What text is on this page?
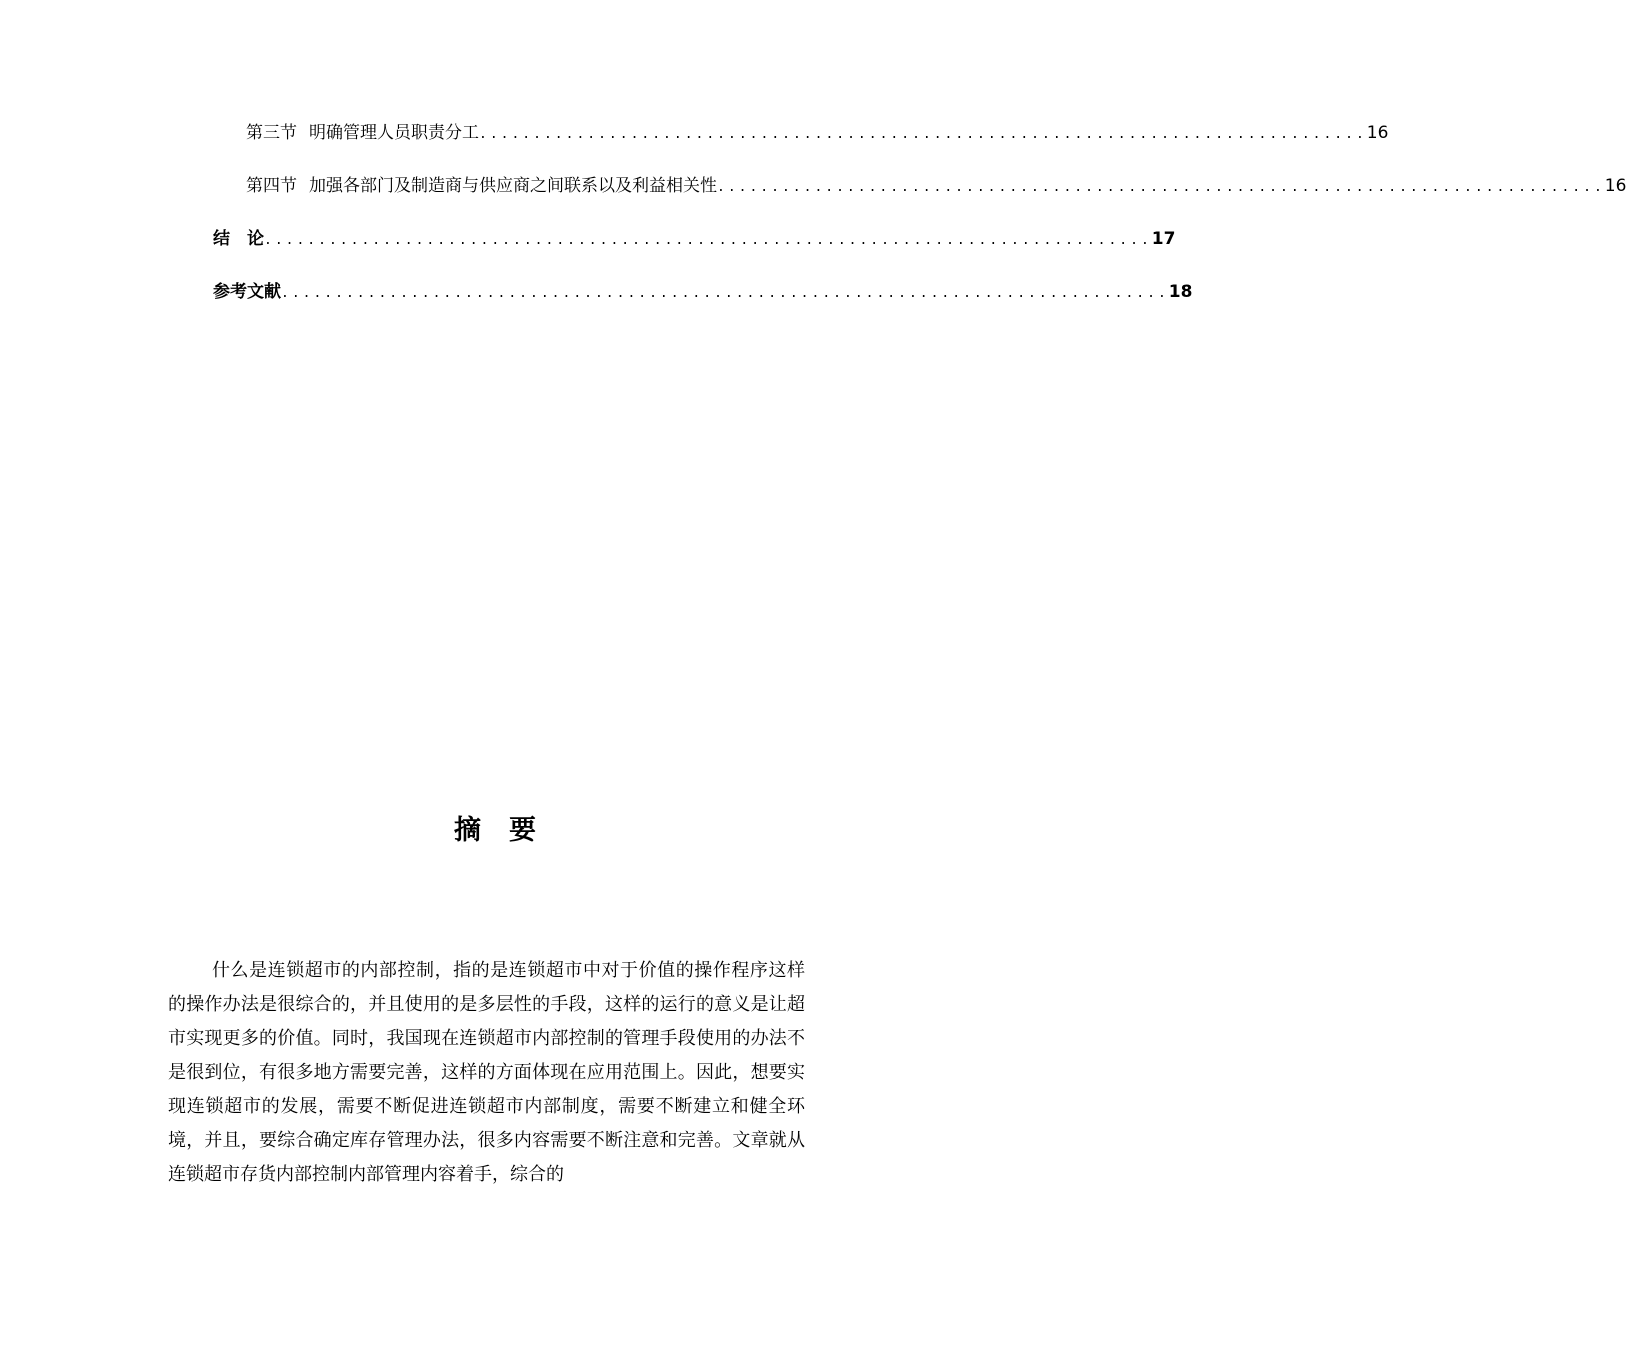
第三节 明确管理人员职责分工 .................................................................................. 16
第四节 加强各部门及制造商与供应商之间联系以及利益相关性 .................................................................................. 16
结　论 .................................................................................. 17
参考文献 .................................................................................. 18
摘要
什么是连锁超市的内部控制，指的是连锁超市中对于价值的操作程序这样的操作办法是很综合的，并且使用的是多层性的手段，这样的运行的意义是让超市实现更多的价值。同时，我国现在连锁超市内部控制的管理手段使用的办法不是很到位，有很多地方需要完善，这样的方面体现在应用范围上。因此，想要实现连锁超市的发展，需要不断促进连锁超市内部制度，需要不断建立和健全环境，并且，要综合确定库存管理办法，很多内容需要不断注意和完善。文章就从连锁超市存货内部控制内部管理内容着手，综合的
